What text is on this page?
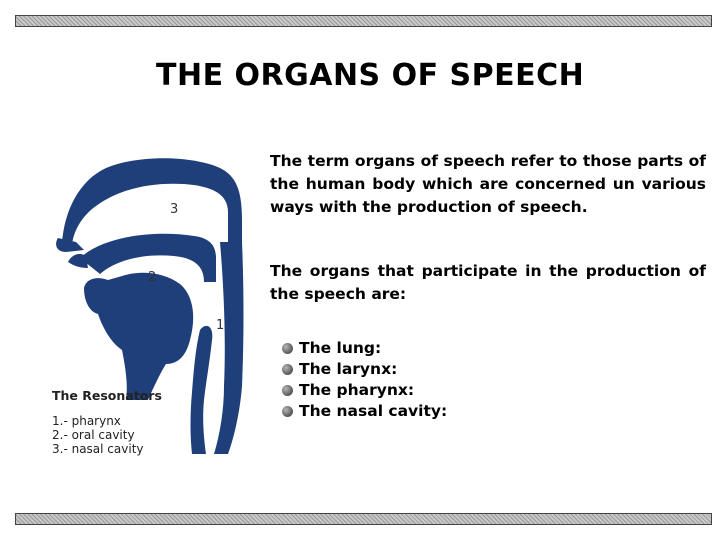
THE ORGANS OF SPEECH
3
2
1
The Resonators
1.- pharynx
2.- oral cavity
3.- nasal cavity
The term organs of speech refer to those parts of the human body which are concerned un various ways with the production of speech.
The organs that participate in the production of the speech are:
The lung:
The larynx:
The pharynx:
The nasal cavity:
